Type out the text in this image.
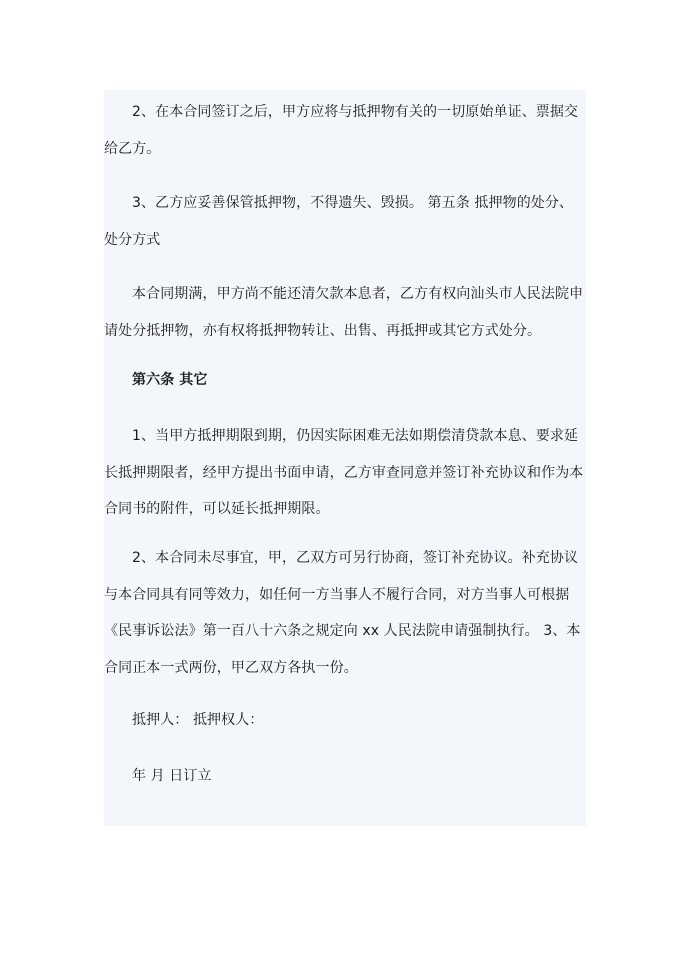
2、在本合同签订之后，甲方应将与抵押物有关的一切原始单证、票据交给乙方。

3、乙方应妥善保管抵押物，不得遗失、毁损。 第五条 抵押物的处分、处分方式

本合同期满，甲方尚不能还清欠款本息者，乙方有权向汕头市人民法院申请处分抵押物，亦有权将抵押物转让、出售、再抵押或其它方式处分。

第六条 其它

1、当甲方抵押期限到期，仍因实际困难无法如期偿清贷款本息、要求延长抵押期限者，经甲方提出书面申请，乙方审查同意并签订补充协议和作为本合同书的附件，可以延长抵押期限。

2、本合同未尽事宜，甲，乙双方可另行协商，签订补充协议。补充协议与本合同具有同等效力，如任何一方当事人不履行合同，对方当事人可根据《民事诉讼法》第一百八十六条之规定向 xx 人民法院申请强制执行。 3、本合同正本一式两份，甲乙双方各执一份。

抵押人： 抵押权人：

年 月 日订立
